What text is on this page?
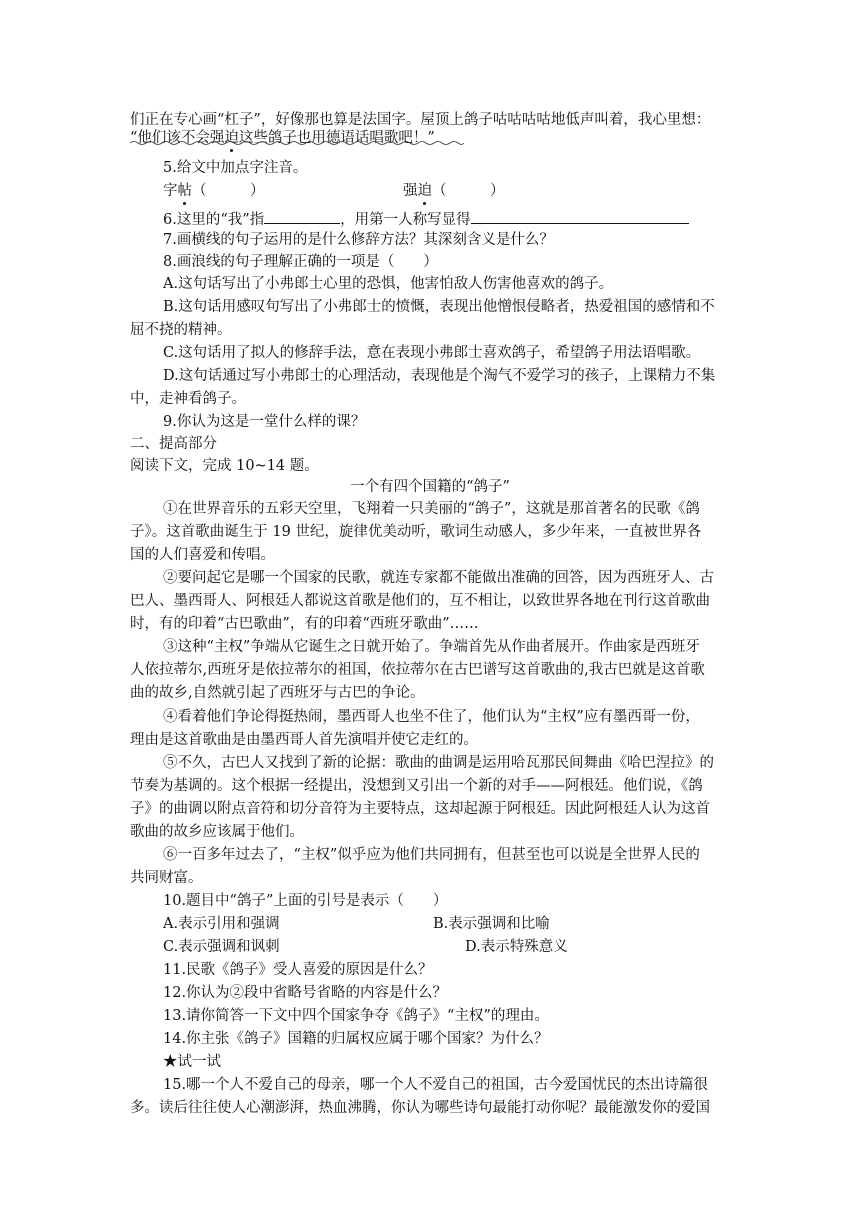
们正在专心画“杠子”，好像那也算是法国字。屋顶上鸽子咕咕咕咕地低声叫着，我心里想：
“他们该不会强迫这些鸽子也用德语话唱歌吧！”
5.给文中加点字注音。
字帖（　　　）	强迫（　　　）
6.这里的“我”指	，用第一人称写显得
7.画横线的句子运用的是什么修辞方法？其深刻含义是什么？
8.画浪线的句子理解正确的一项是（　　）
A.这句话写出了小弗郎士心里的恐惧，他害怕敌人伤害他喜欢的鸽子。
B.这句话用感叹句写出了小弗郎士的愤慨，表现出他憎恨侵略者，热爱祖国的感情和不
屈不挠的精神。
C.这句话用了拟人的修辞手法，意在表现小弗郎士喜欢鸽子，希望鸽子用法语唱歌。
D.这句话通过写小弗郎士的心理活动，表现他是个淘气不爱学习的孩子，上课精力不集
中，走神看鸽子。
9.你认为这是一堂什么样的课？
二、提高部分
阅读下文，完成 10~14 题。
一个有四个国籍的“鸽子”
①在世界音乐的五彩天空里，飞翔着一只美丽的“鸽子”，这就是那首著名的民歌《鸽
子》。这首歌曲诞生于 19 世纪，旋律优美动听，歌词生动感人，多少年来，一直被世界各
国的人们喜爱和传唱。
②要问起它是哪一个国家的民歌，就连专家都不能做出准确的回答，因为西班牙人、古
巴人、墨西哥人、阿根廷人都说这首歌是他们的，互不相让，以致世界各地在刊行这首歌曲
时，有的印着“古巴歌曲”，有的印着“西班牙歌曲”……
③这种“主权”争端从它诞生之日就开始了。争端首先从作曲者展开。作曲家是西班牙
人依拉蒂尔,西班牙是依拉蒂尔的祖国，依拉蒂尔在古巴谱写这首歌曲的,我古巴就是这首歌
曲的故乡,自然就引起了西班牙与古巴的争论。
④看着他们争论得挺热闹，墨西哥人也坐不住了，他们认为“主权”应有墨西哥一份，
理由是这首歌曲是由墨西哥人首先演唱并使它走红的。
⑤不久，古巴人又找到了新的论据：歌曲的曲调是运用哈瓦那民间舞曲《哈巴涅拉》的
节奏为基调的。这个根据一经提出，没想到又引出一个新的对手——阿根廷。他们说，《鸽
子》的曲调以附点音符和切分音符为主要特点，这却起源于阿根廷。因此阿根廷人认为这首
歌曲的故乡应该属于他们。
⑥一百多年过去了，“主权”似乎应为他们共同拥有，但甚至也可以说是全世界人民的
共同财富。
10.题目中“鸽子”上面的引号是表示（　　）
A.表示引用和强调	B.表示强调和比喻
C.表示强调和讽刺	D.表示特殊意义
11.民歌《鸽子》受人喜爱的原因是什么？
12.你认为②段中省略号省略的内容是什么？
13.请你简答一下文中四个国家争夺《鸽子》“主权”的理由。
14.你主张《鸽子》国籍的归属权应属于哪个国家？为什么？
★试一试
15.哪一个人不爱自己的母亲，哪一个人不爱自己的祖国，古今爱国忧民的杰出诗篇很
多。读后往往使人心潮澎湃，热血沸腾，你认为哪些诗句最能打动你呢？最能激发你的爱国
